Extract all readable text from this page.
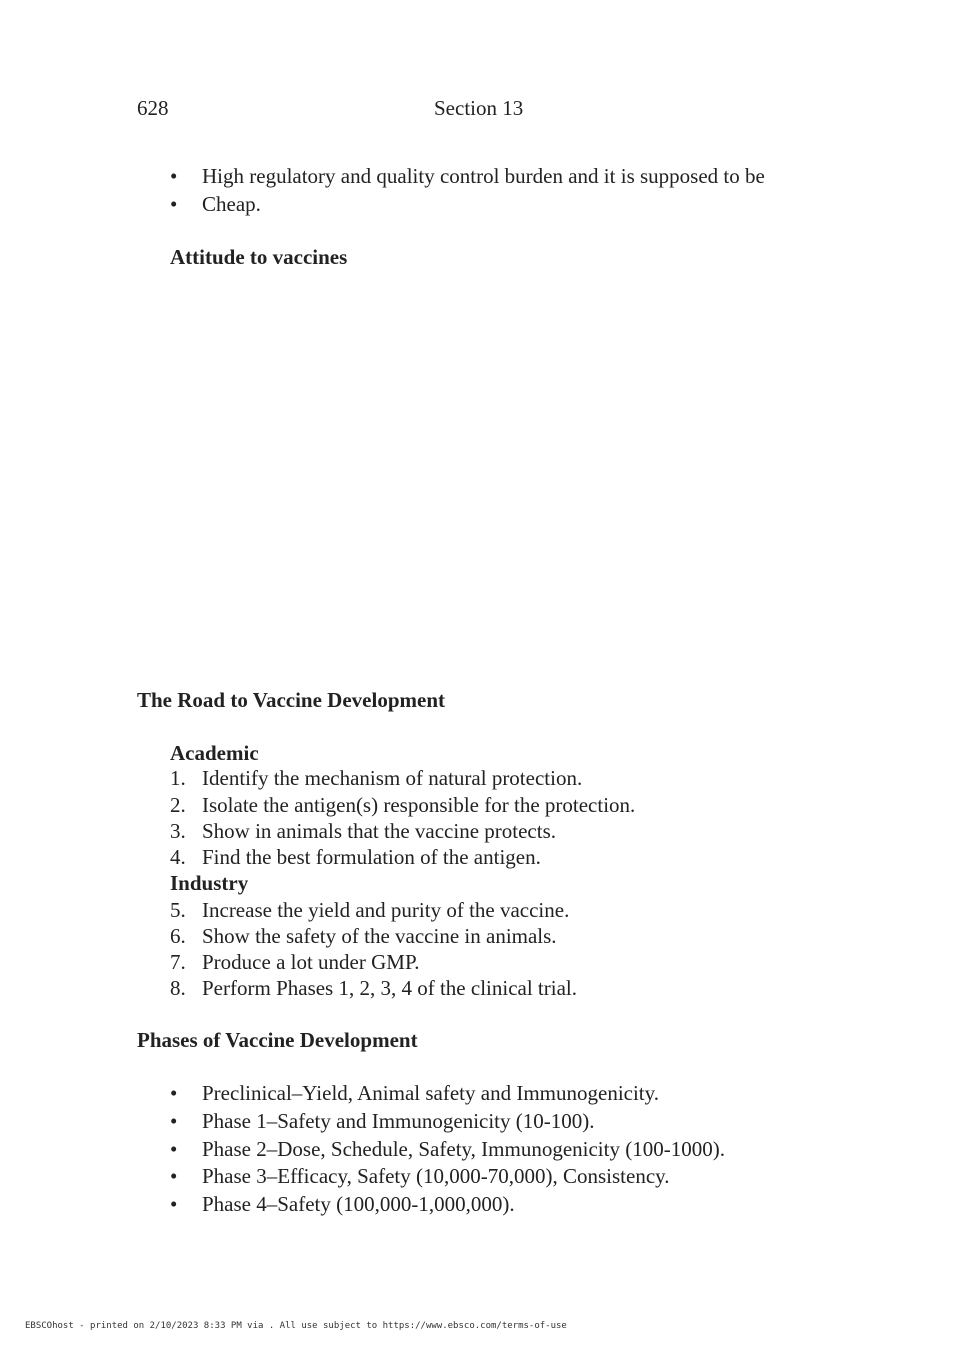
628	Section 13
• High regulatory and quality control burden and it is supposed to be
• Cheap.
Attitude to vaccines
The Road to Vaccine Development
Academic
1. Identify the mechanism of natural protection.
2. Isolate the antigen(s) responsible for the protection.
3. Show in animals that the vaccine protects.
4. Find the best formulation of the antigen.
Industry
5. Increase the yield and purity of the vaccine.
6. Show the safety of the vaccine in animals.
7. Produce a lot under GMP.
8. Perform Phases 1, 2, 3, 4 of the clinical trial.
Phases of Vaccine Development
• Preclinical–Yield, Animal safety and Immunogenicity.
• Phase 1–Safety and Immunogenicity (10-100).
• Phase 2–Dose, Schedule, Safety, Immunogenicity (100-1000).
• Phase 3–Efficacy, Safety (10,000-70,000), Consistency.
• Phase 4–Safety (100,000-1,000,000).
EBSCOhost - printed on 2/10/2023 8:33 PM via . All use subject to https://www.ebsco.com/terms-of-use
